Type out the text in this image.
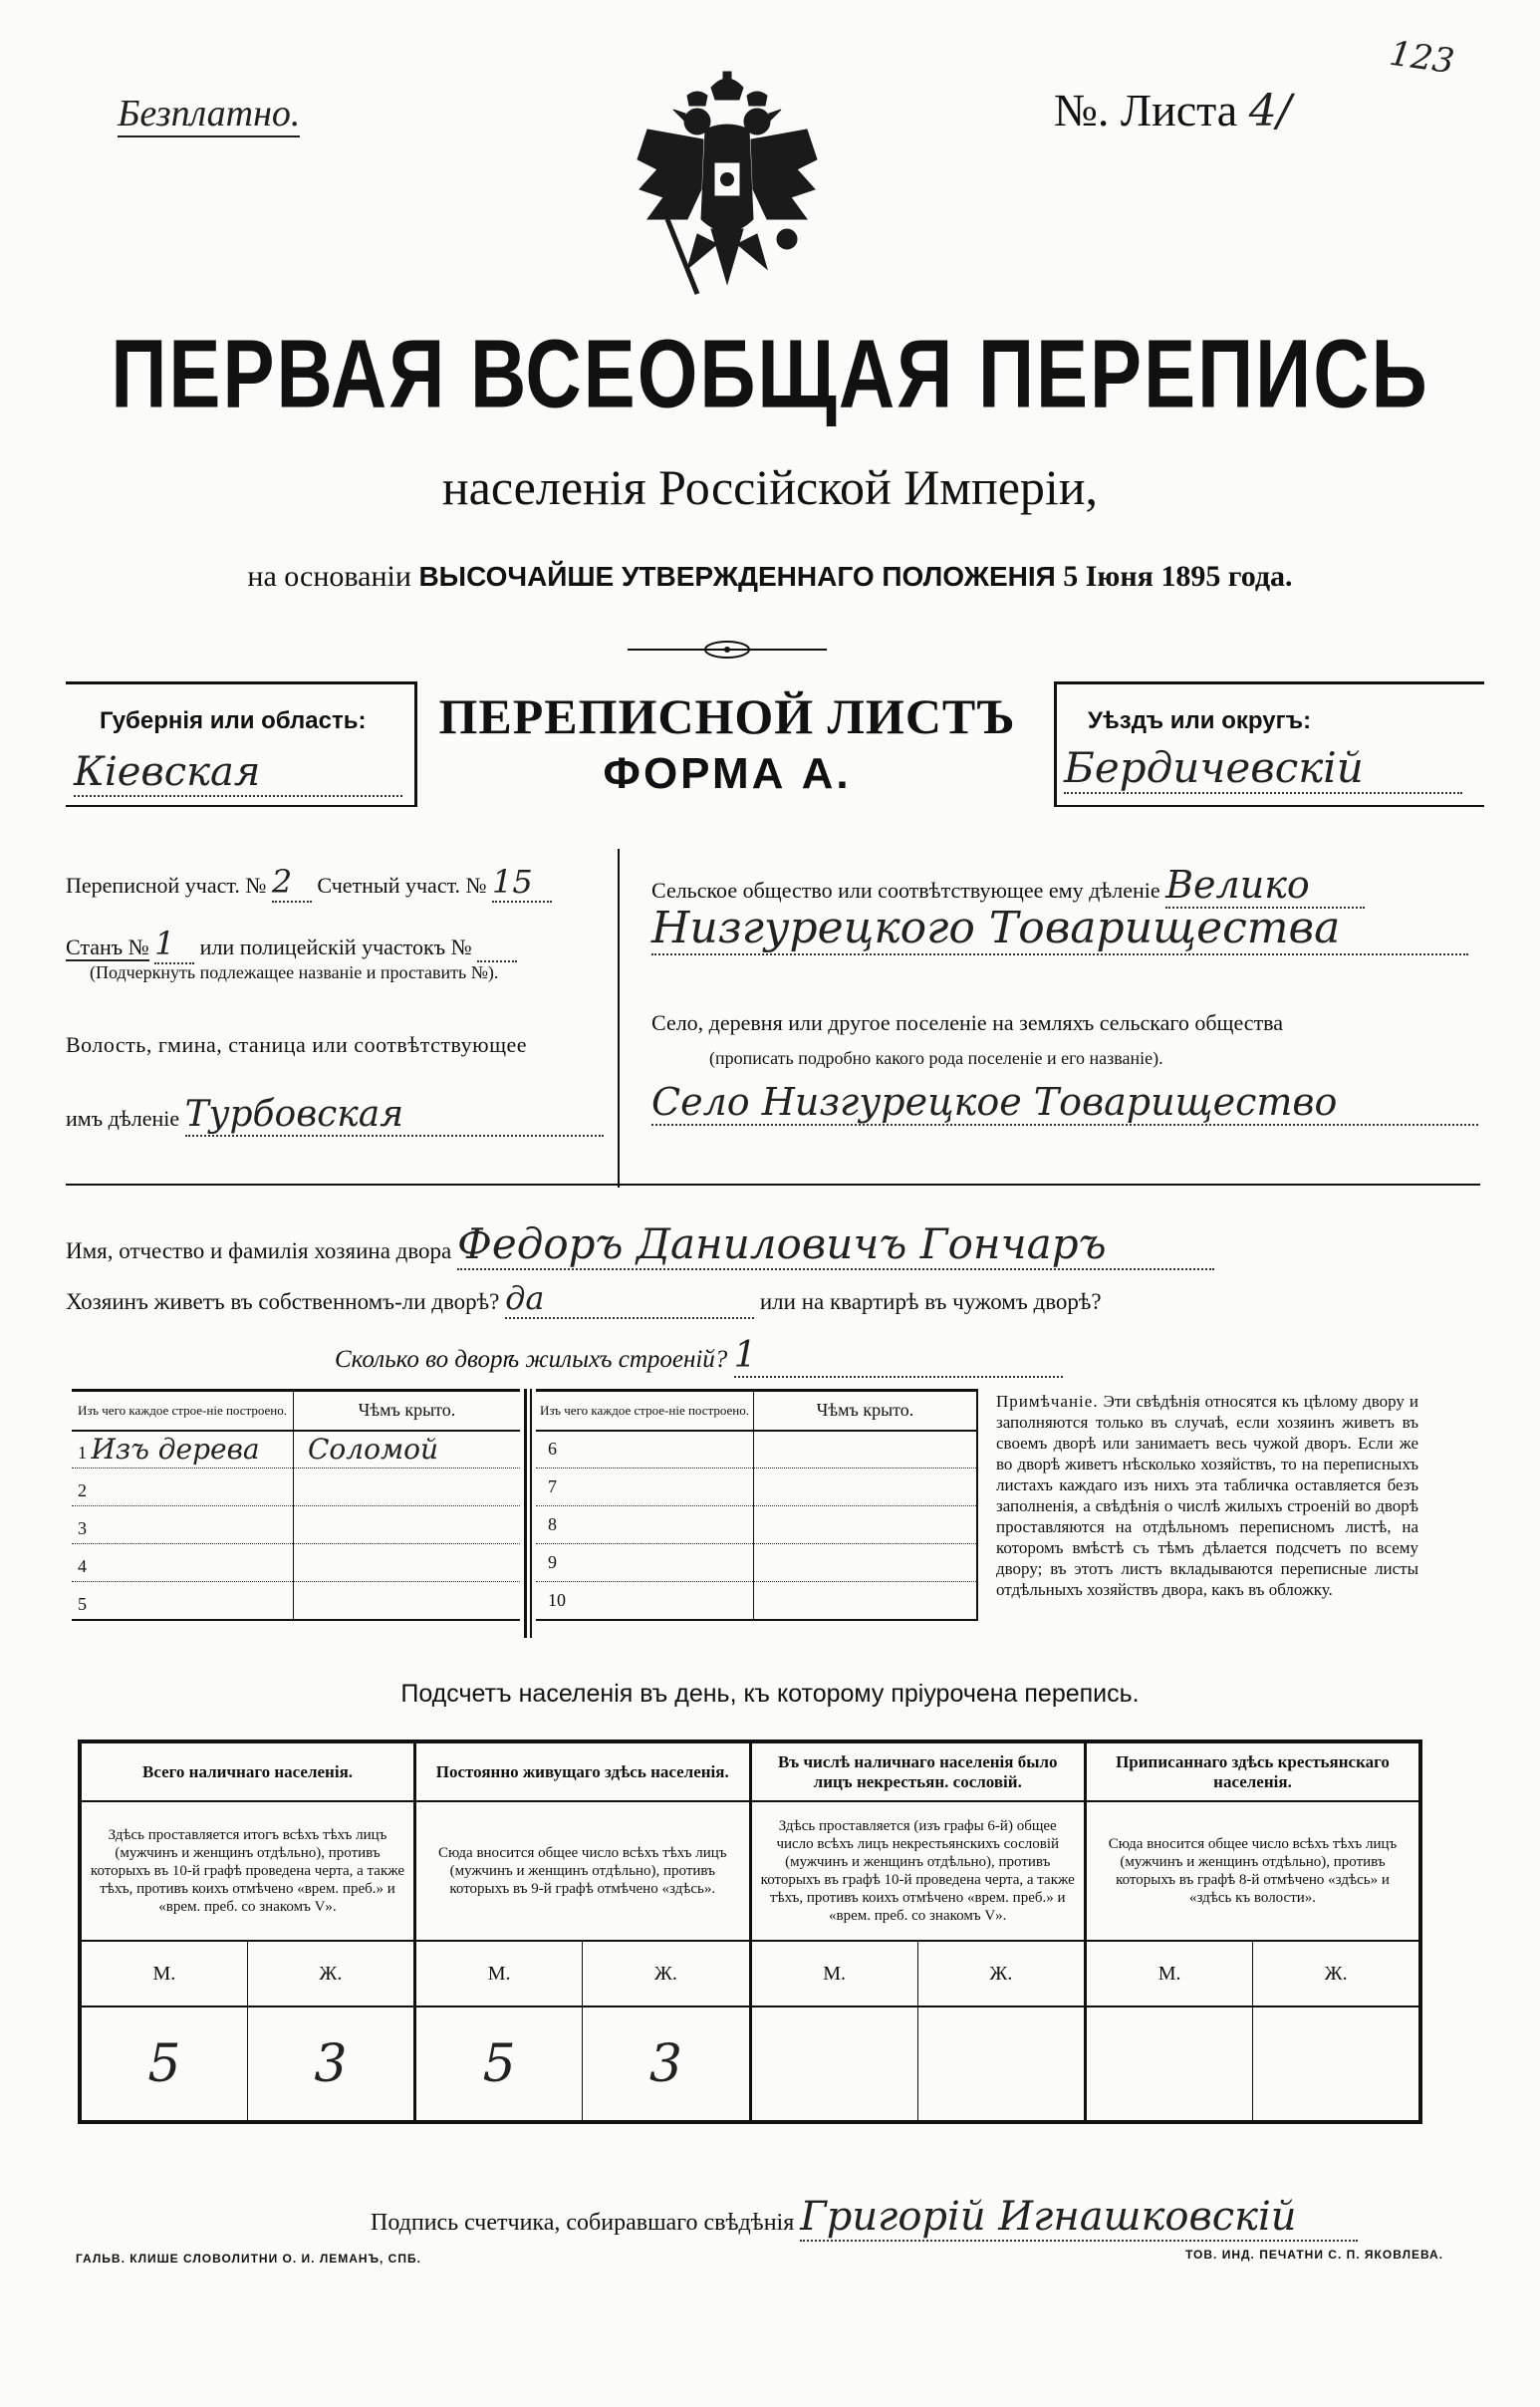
Безплатно.	№. Листа 4/
123
ПЕРВАЯ ВСЕОБЩАЯ ПЕРЕПИСЬ
населенія Россійской Имперіи,
на основаніи ВЫСОЧАЙШЕ УТВЕРЖДЕННАГО ПОЛОЖЕНІЯ 5 Іюня 1895 года.
Губернія или область:
Кіевская
ПЕРЕПИСНОЙ ЛИСТЪ
ФОРМА А.
Уѣздъ или округъ:
Бердичевскій
Переписной участ. № 2 Счетный участ. № 15
Станъ № 1 или полицейскій участокъ №
(Подчеркнуть подлежащее названіе и проставить №).
Волость, гмина, станица или соотвѣтствующее
имъ дѣленіе Турбовская
Сельское общество или соотвѣтствующее ему дѣленіе Велико
Низгурецкого Товарищества
Село, деревня или другое поселеніе на земляхъ сельскаго общества
(прописать подробно какого рода поселеніе и его названіе).
Село Низгурецкое Товарищество
Имя, отчество и фамилія хозяина двора Федоръ Даниловичъ Гончаръ
Хозяинъ живетъ въ собственномъ-ли дворѣ? да	или на квартирѣ въ чужомъ дворѣ?
Сколько во дворѣ жилыхъ строеній? 1
Изъ чего каждое строе-ніе построено.	Чѣмъ крыто.
1 Изъ дерева	Соломой
2	
3	
4	
5	
Изъ чего каждое строе-ніе построено.	Чѣмъ крыто.
6	
7	
8	
9	
10	
Примѣчаніе. Эти свѣдѣнія относятся къ цѣлому двору и заполняются только въ случаѣ, если хозяинъ живетъ въ своемъ дворѣ или занимаетъ весь чужой дворъ. Если же во дворѣ живетъ нѣсколько хозяйствъ, то на переписныхъ листахъ каждаго изъ нихъ эта табличка оставляется безъ заполненія, а свѣдѣнія о числѣ жилыхъ строеній во дворѣ проставляются на отдѣльномъ переписномъ листѣ, на которомъ вмѣстѣ съ тѣмъ дѣлается подсчетъ по всему двору; въ этотъ листъ вкладываются переписные листы отдѣльныхъ хозяйствъ двора, какъ въ обложку.
Подсчетъ населенія въ день, къ которому пріурочена перепись.
Всего наличнаго населенія.		Постоянно живущаго здѣсь населенія.		Въ числѣ наличнаго населенія было лицъ некрестьян. сословій.		Приписаннаго здѣсь крестьянскаго населенія.	
Здѣсь проставляется итогъ всѣхъ тѣхъ лицъ (мужчинъ и женщинъ отдѣльно), противъ которыхъ въ 10-й графѣ проведена черта, а также тѣхъ, противъ коихъ отмѣчено «врем. преб.» и «врем. преб. со знакомъ V».		Сюда вносится общее число всѣхъ тѣхъ лицъ (мужчинъ и женщинъ отдѣльно), противъ которыхъ въ 9-й графѣ отмѣчено «здѣсь».		Здѣсь проставляется (изъ графы 6-й) общее число всѣхъ лицъ некрестьянскихъ сословій (мужчинъ и женщинъ отдѣльно), противъ которыхъ въ графѣ 10-й проведена черта, а также тѣхъ, противъ коихъ отмѣчено «врем. преб.» и «врем. преб. со знакомъ V».		Сюда вносится общее число всѣхъ тѣхъ лицъ (мужчинъ и женщинъ отдѣльно), противъ которыхъ въ графѣ 8-й отмѣчено «здѣсь» и «здѣсь къ волости».	
М.	Ж.	М.	Ж.	М.	Ж.	М.	Ж.
5	3	5	3				
Подпись счетчика, собиравшаго свѣдѣнія Григорій Игнашковскій
ГАЛЬВ. КЛИШЕ СЛОВОЛИТНИ О. И. ЛЕМАНЪ, СПБ.	ТОВ. ИНД. ПЕЧАТНИ С. П. ЯКОВЛЕВА.
